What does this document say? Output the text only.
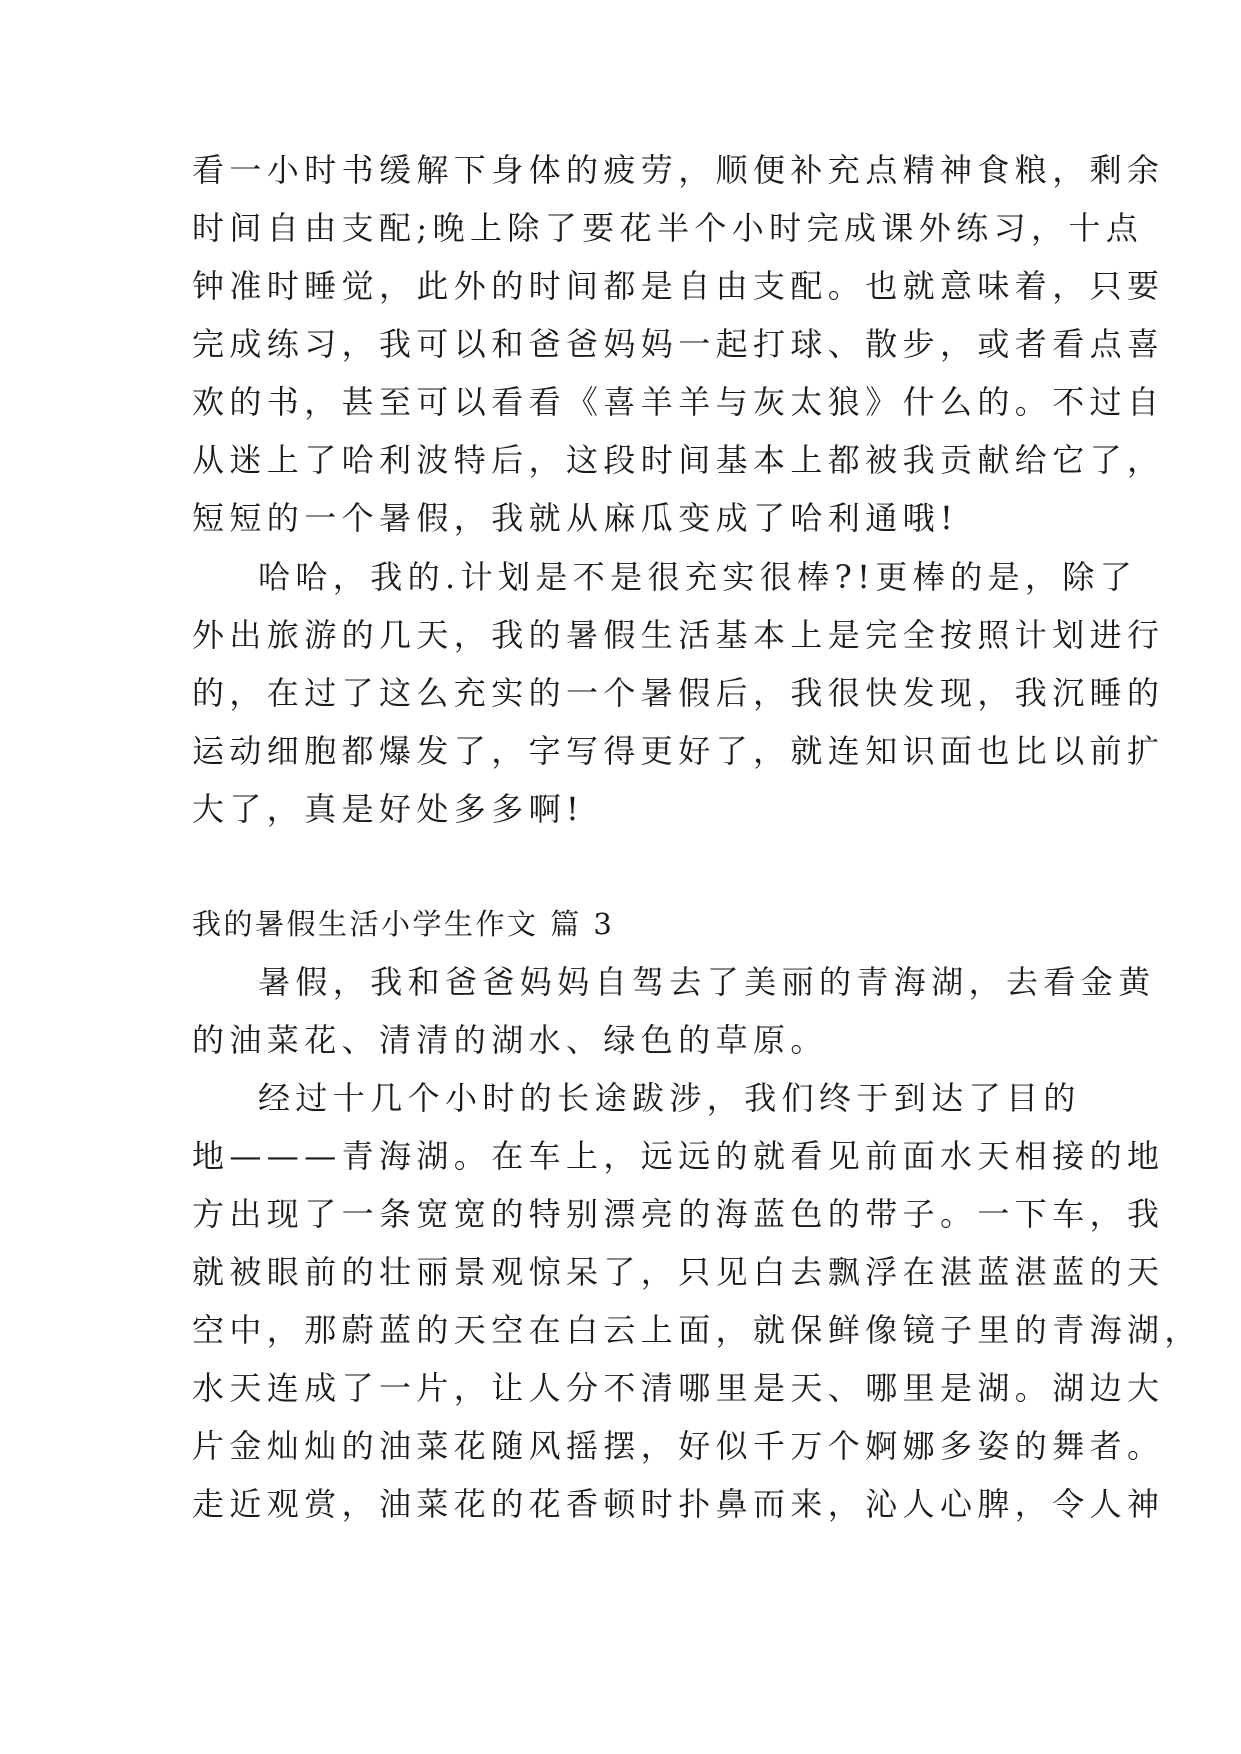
看一小时书缓解下身体的疲劳，顺便补充点精神食粮，剩余
时间自由支配;晚上除了要花半个小时完成课外练习，十点
钟准时睡觉，此外的时间都是自由支配。也就意味着，只要
完成练习，我可以和爸爸妈妈一起打球、散步，或者看点喜
欢的书，甚至可以看看《喜羊羊与灰太狼》什么的。不过自
从迷上了哈利波特后，这段时间基本上都被我贡献给它了，
短短的一个暑假，我就从麻瓜变成了哈利通哦!
哈哈，我的.计划是不是很充实很棒?!更棒的是，除了
外出旅游的几天，我的暑假生活基本上是完全按照计划进行
的，在过了这么充实的一个暑假后，我很快发现，我沉睡的
运动细胞都爆发了，字写得更好了，就连知识面也比以前扩
大了，真是好处多多啊!
我的暑假生活小学生作文 篇 3
暑假，我和爸爸妈妈自驾去了美丽的青海湖，去看金黄
的油菜花、清清的湖水、绿色的草原。
经过十几个小时的长途跋涉，我们终于到达了目的
地———青海湖。在车上，远远的就看见前面水天相接的地
方出现了一条宽宽的特别漂亮的海蓝色的带子。一下车，我
就被眼前的壮丽景观惊呆了，只见白去飘浮在湛蓝湛蓝的天
空中，那蔚蓝的天空在白云上面，就保鲜像镜子里的青海湖，
水天连成了一片，让人分不清哪里是天、哪里是湖。湖边大
片金灿灿的油菜花随风摇摆，好似千万个婀娜多姿的舞者。
走近观赏，油菜花的花香顿时扑鼻而来，沁人心脾，令人神
